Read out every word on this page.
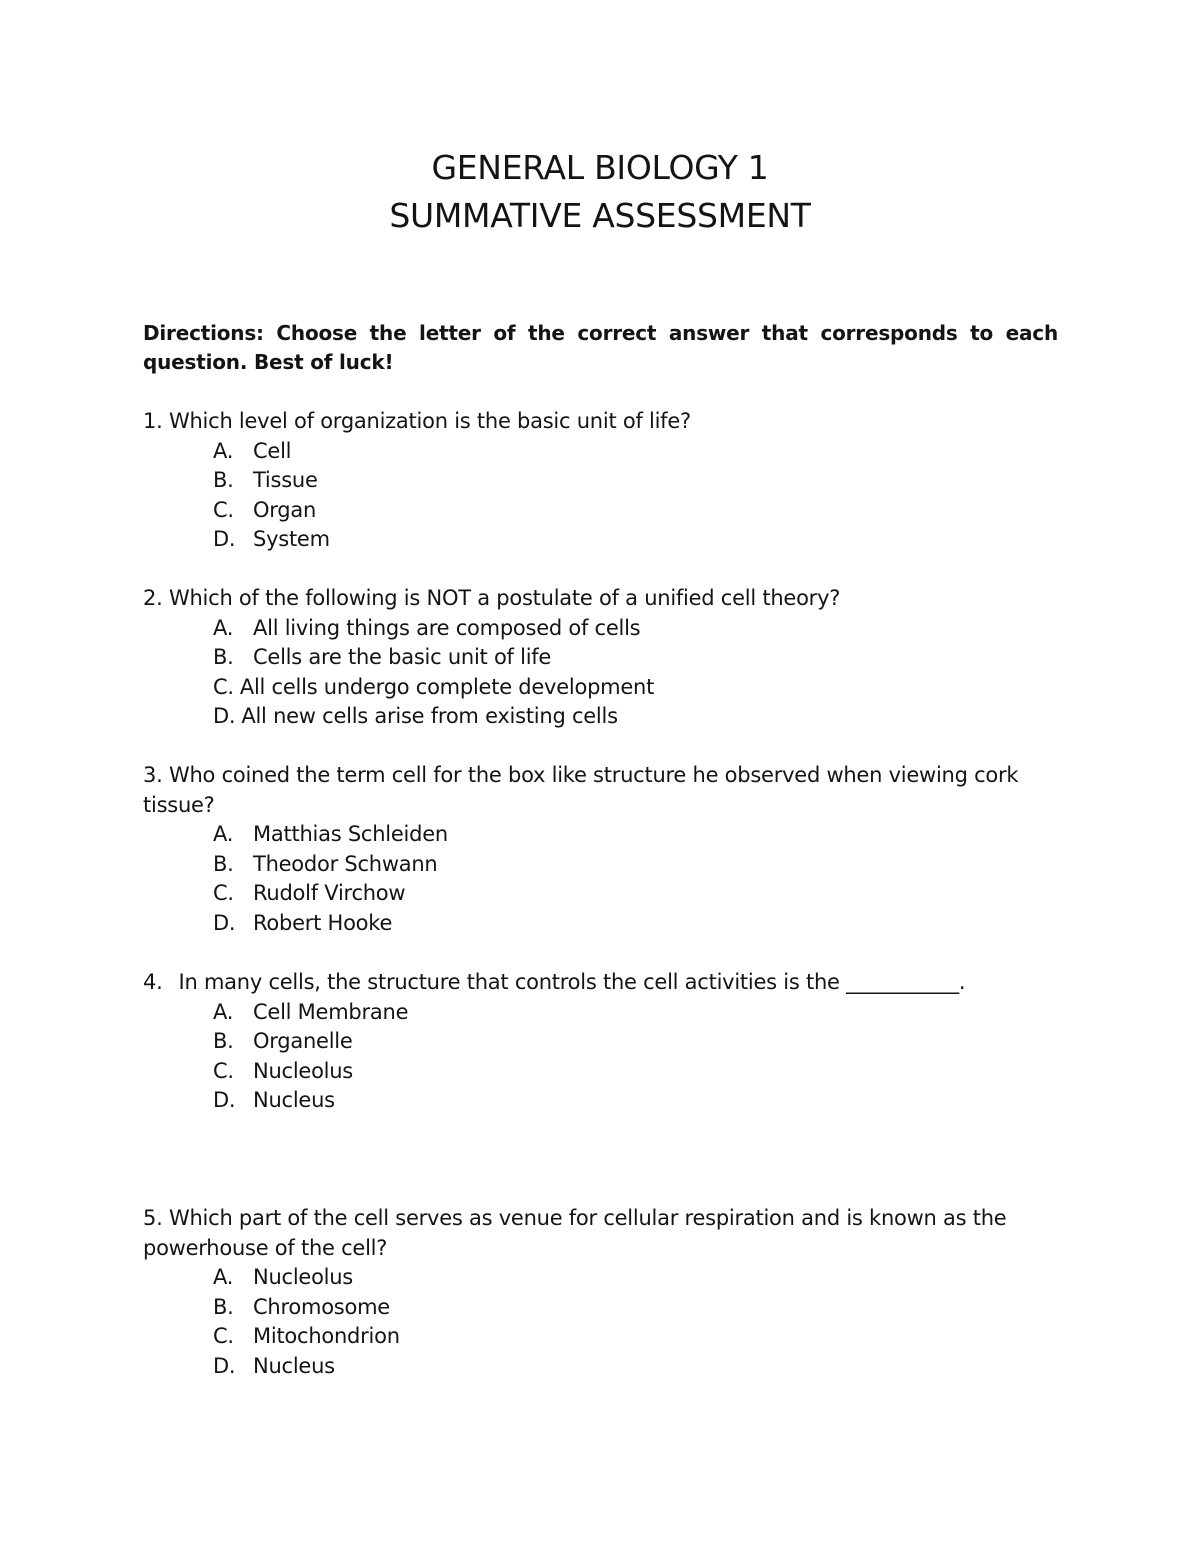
GENERAL BIOLOGY 1
SUMMATIVE ASSESSMENT

Directions: Choose the letter of the correct answer that corresponds to each question. Best of luck!

1. Which level of organization is the basic unit of life?

A. Cell
B. Tissue
C. Organ
D. System

2. Which of the following is NOT a postulate of a unified cell theory?

A. All living things are composed of cells
B. Cells are the basic unit of life
C. All cells undergo complete development
D. All new cells arise from existing cells

3. Who coined the term cell for the box like structure he observed when viewing cork tissue?

A. Matthias Schleiden
B. Theodor Schwann
C. Rudolf Virchow
D. Robert Hooke

4. In many cells, the structure that controls the cell activities is the ___________.

A. Cell Membrane
B. Organelle
C. Nucleolus
D. Nucleus

5. Which part of the cell serves as venue for cellular respiration and is known as the powerhouse of the cell?

A. Nucleolus
B. Chromosome
C. Mitochondrion
D. Nucleus
